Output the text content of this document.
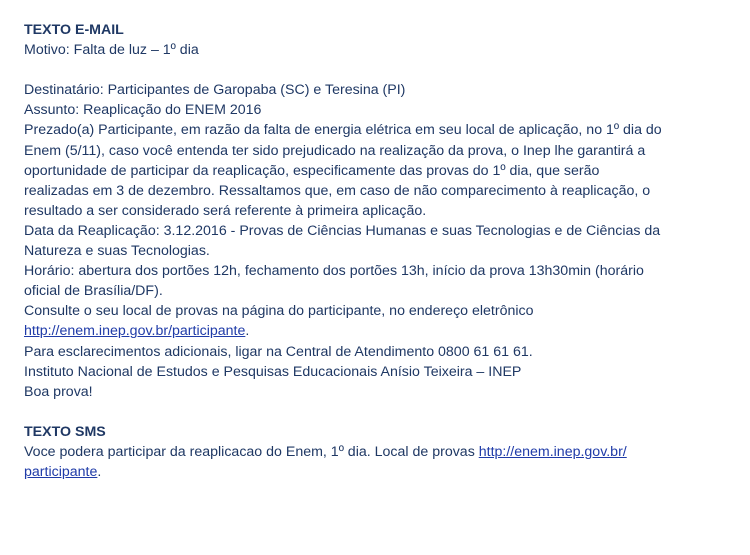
TEXTO E-MAIL

Motivo: Falta de luz – 1º dia

Destinatário: Participantes de Garopaba (SC) e Teresina (PI)

Assunto: Reaplicação do ENEM 2016

Prezado(a) Participante, em razão da falta de energia elétrica em seu local de aplicação, no 1º dia do

Enem (5/11), caso você entenda ter sido prejudicado na realização da prova, o Inep lhe garantirá a

oportunidade de participar da reaplicação, especificamente das provas do 1º dia, que serão

realizadas em 3 de dezembro. Ressaltamos que, em caso de não comparecimento à reaplicação, o

resultado a ser considerado será referente à primeira aplicação.

Data da Reaplicação: 3.12.2016 - Provas de Ciências Humanas e suas Tecnologias e de Ciências da

Natureza e suas Tecnologias.

Horário: abertura dos portões 12h, fechamento dos portões 13h, início da prova 13h30min (horário

oficial de Brasília/DF).

Consulte o seu local de provas na página do participante, no endereço eletrônico

http://enem.inep.gov.br/participante.

Para esclarecimentos adicionais, ligar na Central de Atendimento 0800 61 61 61.

Instituto Nacional de Estudos e Pesquisas Educacionais Anísio Teixeira – INEP

Boa prova!

TEXTO SMS

Voce podera participar da reaplicacao do Enem, 1º dia. Local de provas http://enem.inep.gov.br/

participante.
